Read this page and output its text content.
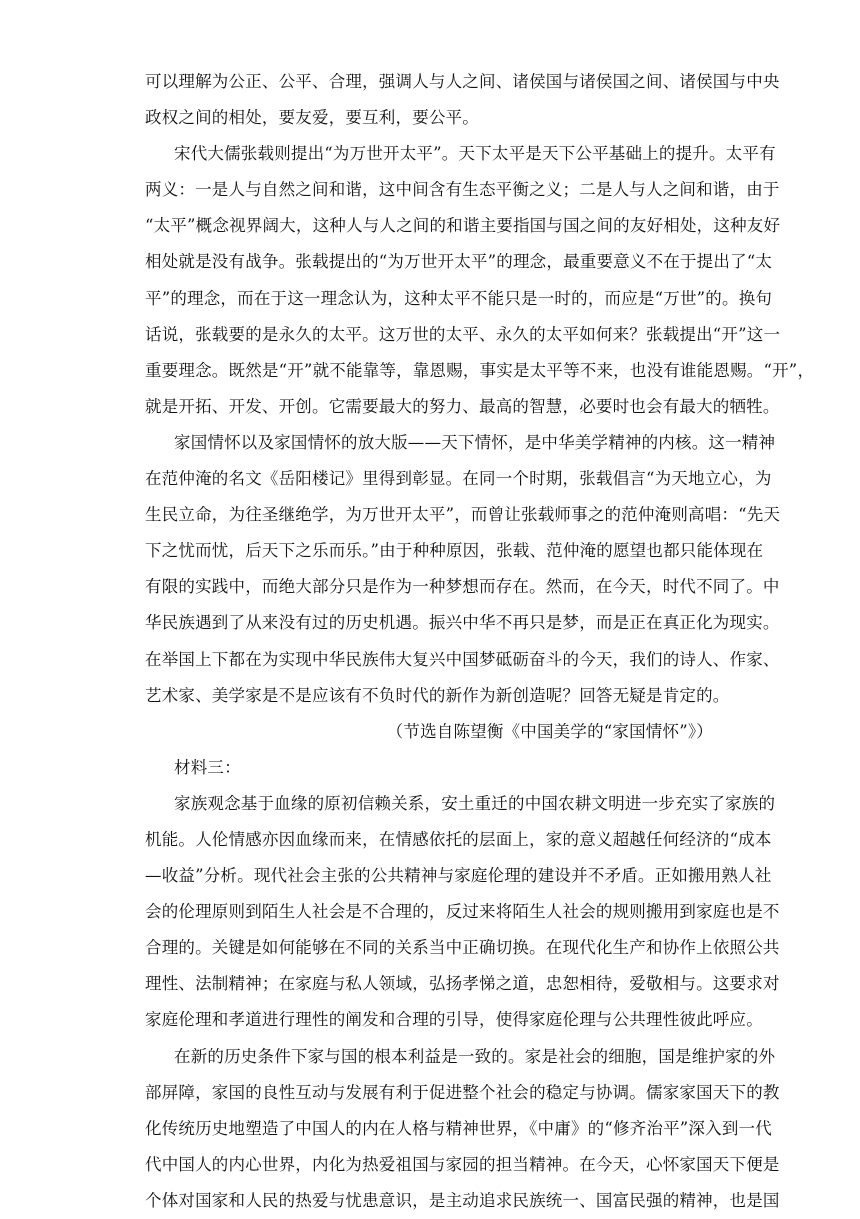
可以理解为公正、公平、合理，强调人与人之间、诸侯国与诸侯国之间、诸侯国与中央
政权之间的相处，要友爱，要互利，要公平。
宋代大儒张载则提出“为万世开太平”。天下太平是天下公平基础上的提升。太平有
两义：一是人与自然之间和谐，这中间含有生态平衡之义；二是人与人之间和谐，由于
“太平”概念视界阔大，这种人与人之间的和谐主要指国与国之间的友好相处，这种友好
相处就是没有战争。张载提出的“为万世开太平”的理念，最重要意义不在于提出了“太
平”的理念，而在于这一理念认为，这种太平不能只是一时的，而应是“万世”的。换句
话说，张载要的是永久的太平。这万世的太平、永久的太平如何来？张载提出“开”这一
重要理念。既然是“开”就不能靠等，靠恩赐，事实是太平等不来，也没有谁能恩赐。“开”，
就是开拓、开发、开创。它需要最大的努力、最高的智慧，必要时也会有最大的牺牲。
家国情怀以及家国情怀的放大版——天下情怀，是中华美学精神的内核。这一精神
在范仲淹的名文《岳阳楼记》里得到彰显。在同一个时期，张载倡言“为天地立心，为
生民立命，为往圣继绝学，为万世开太平”，而曾让张载师事之的范仲淹则高唱：“先天
下之忧而忧，后天下之乐而乐。”由于种种原因，张载、范仲淹的愿望也都只能体现在
有限的实践中，而绝大部分只是作为一种梦想而存在。然而，在今天，时代不同了。中
华民族遇到了从来没有过的历史机遇。振兴中华不再只是梦，而是正在真正化为现实。
在举国上下都在为实现中华民族伟大复兴中国梦砥砺奋斗的今天，我们的诗人、作家、
艺术家、美学家是不是应该有不负时代的新作为新创造呢？回答无疑是肯定的。
（节选自陈望衡《中国美学的“家国情怀”》）
材料三：
家族观念基于血缘的原初信赖关系，安土重迁的中国农耕文明进一步充实了家族的
机能。人伦情感亦因血缘而来，在情感依托的层面上，家的意义超越任何经济的“成本
—收益”分析。现代社会主张的公共精神与家庭伦理的建设并不矛盾。正如搬用熟人社
会的伦理原则到陌生人社会是不合理的，反过来将陌生人社会的规则搬用到家庭也是不
合理的。关键是如何能够在不同的关系当中正确切换。在现代化生产和协作上依照公共
理性、法制精神；在家庭与私人领域，弘扬孝悌之道，忠恕相待，爱敬相与。这要求对
家庭伦理和孝道进行理性的阐发和合理的引导，使得家庭伦理与公共理性彼此呼应。
在新的历史条件下家与国的根本利益是一致的。家是社会的细胞，国是维护家的外
部屏障，家国的良性互动与发展有利于促进整个社会的稳定与协调。儒家家国天下的教
化传统历史地塑造了中国人的内在人格与精神世界，《中庸》的“修齐治平”深入到一代
代中国人的内心世界，内化为热爱祖国与家园的担当精神。在今天，心怀家国天下便是
个体对国家和人民的热爱与忧患意识，是主动追求民族统一、国富民强的精神，也是国
